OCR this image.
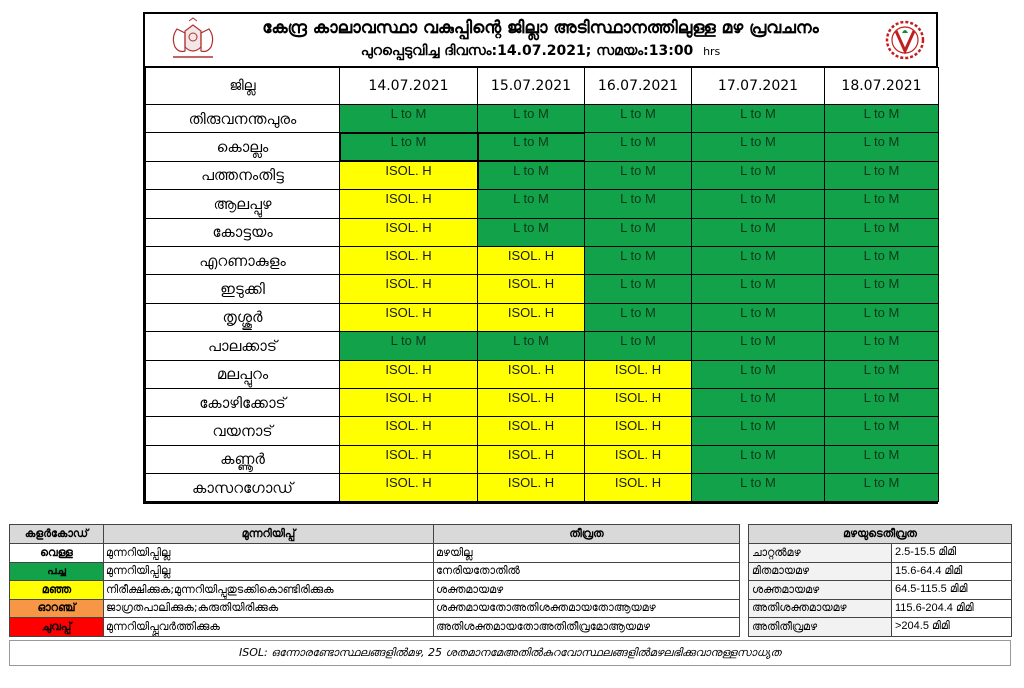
കേന്ദ്ര കാലാവസ്ഥാ വകുപ്പിന്റെ ജില്ലാ അടിസ്ഥാനത്തിലുള്ള മഴ പ്രവചനം
പുറപ്പെടുവിച്ച ദിവസം:14.07.2021; സമയം:13:00 hrs
ജില്ല	14.07.2021	15.07.2021	16.07.2021	17.07.2021	18.07.2021
തിരുവനന്തപുരം	L to M	L to M	L to M	L to M	L to M
കൊല്ലം	L to M	L to M	L to M	L to M	L to M
പത്തനംതിട്ട	ISOL. H	L to M	L to M	L to M	L to M
ആലപ്പുഴ	ISOL. H	L to M	L to M	L to M	L to M
കോട്ടയം	ISOL. H	L to M	L to M	L to M	L to M
എറണാകുളം	ISOL. H	ISOL. H	L to M	L to M	L to M
ഇടുക്കി	ISOL. H	ISOL. H	L to M	L to M	L to M
തൃശ്ശൂർ	ISOL. H	ISOL. H	L to M	L to M	L to M
പാലക്കാട്	L to M	L to M	L to M	L to M	L to M
മലപ്പുറം	ISOL. H	ISOL. H	ISOL. H	L to M	L to M
കോഴിക്കോട്	ISOL. H	ISOL. H	ISOL. H	L to M	L to M
വയനാട്	ISOL. H	ISOL. H	ISOL. H	L to M	L to M
കണ്ണൂർ	ISOL. H	ISOL. H	ISOL. H	L to M	L to M
കാസറഗോഡ്	ISOL. H	ISOL. H	ISOL. H	L to M	L to M
കളർകോഡ്	മുന്നറിയിപ്പ്	തീവ്രത
വെള്ള	മുന്നറിയിപ്പില്ല	മഴയില്ല
പച്ച	മുന്നറിയിപ്പില്ല	നേരിയതോതിൽ
മഞ്ഞ	നിരീക്ഷിക്കുക;മുന്നറിയിപ്പുതുടക്കികൊണ്ടിരിക്കുക	ശക്തമായമഴ
ഓറഞ്ച്	ജാഗ്രതപാലിക്കുക;കരുതിയിരിക്കുക	ശക്തമായതോഅതിശക്തമായതോആയമഴ
ചുവപ്പ്	മുന്നറിയിപ്പ്പ്രവർത്തിക്കുക	അതിശക്തമായതോഅതിതീവ്രമോആയമഴ
മഴയുടെതീവ്രത	
ചാറ്റൽമഴ	2.5-15.5 മിമി
മിതമായമഴ	15.6-64.4 മിമി
ശക്തമായമഴ	64.5-115.5 മിമി
അതിശക്തമായമഴ	115.6-204.4 മിമി
അതിതീവ്രമഴ	>204.5 മിമി
ISOL: ഒന്നോരണ്ടോസ്ഥലങ്ങളിൽമഴ, 25 ശതമാനമേഅതിൽകുറവോസ്ഥലങ്ങളിൽമഴലഭിക്കുവാനുള്ളസാധ്യത
